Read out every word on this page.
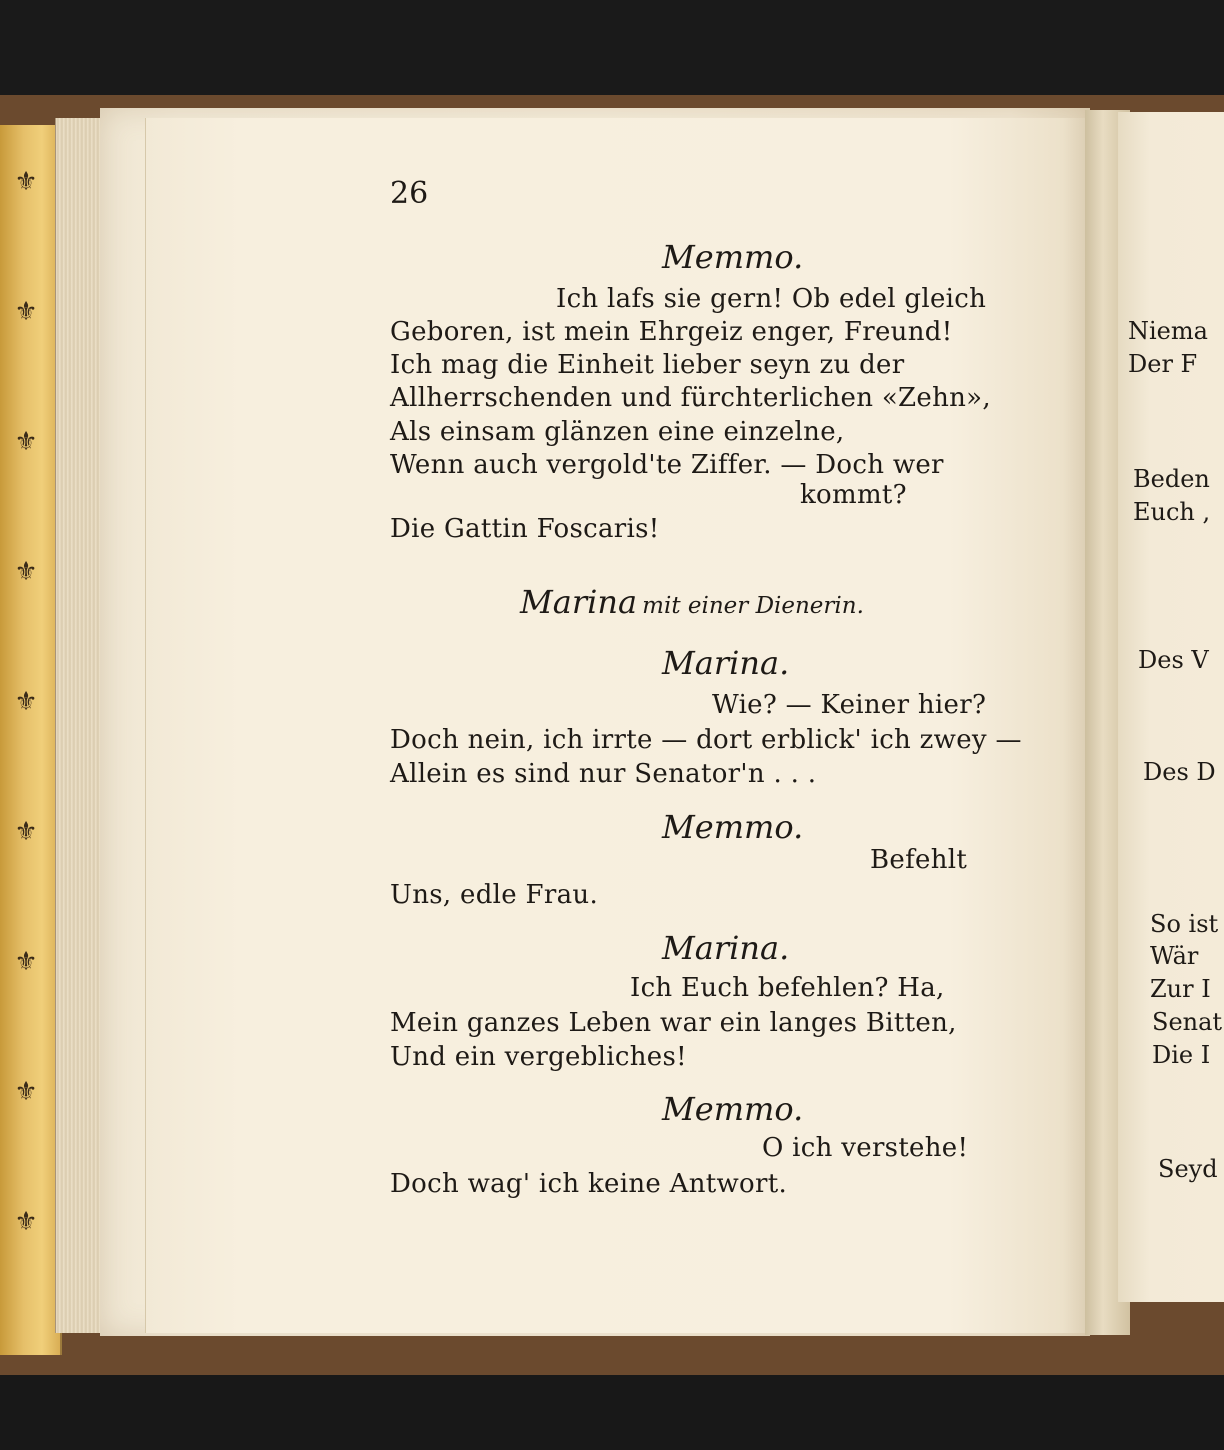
⚜
⚜
⚜
⚜
⚜
⚜
⚜
⚜
⚜
26
Memmo.
Ich lafs sie gern! Ob edel gleich
Geboren, ist mein Ehrgeiz enger, Freund!
Ich mag die Einheit lieber seyn zu der
Allherrschenden und fürchterlichen «Zehn»,
Als einsam glänzen eine einzelne,
Wenn auch vergold'te Ziffer. — Doch wer
kommt?
Die Gattin Foscaris!
Marina mit einer Dienerin.
Marina.
Wie? — Keiner hier?
Doch nein, ich irrte — dort erblick' ich zwey —
Allein es sind nur Senator'n . . .
Memmo.
Befehlt
Uns, edle Frau.
Marina.
Ich Euch befehlen? Ha,
Mein ganzes Leben war ein langes Bitten,
Und ein vergebliches!
Memmo.
O ich verstehe!
Doch wag' ich keine Antwort.
Niema
Der F
Beden
Euch ,
Des V
Des D
So ist
Wär
Zur I
Senat
Die I
Seyd
